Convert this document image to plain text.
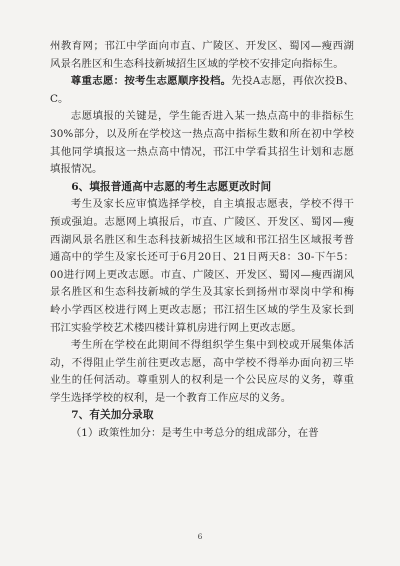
州教育网；邗江中学面向市直、广陵区、开发区、蜀冈—瘦西湖风景名胜区和生态科技新城招生区域的学校不安排定向指标生。

尊重志愿：按考生志愿顺序投档。先投A志愿，再依次投B、C。

志愿填报的关键是，学生能否进入某一热点高中的非指标生30%部分，以及所在学校这一热点高中指标生数和所在初中学校其他同学填报这一热点高中情况，邗江中学看其招生计划和志愿填报情况。

6、填报普通高中志愿的考生志愿更改时间

考生及家长应审慎选择学校，自主填报志愿表，学校不得干预或强迫。志愿网上填报后，市直、广陵区、开发区、蜀冈—瘦西湖风景名胜区和生态科技新城招生区域和邗江招生区域报考普通高中的学生及家长还可于6月20日、21日两天8：30-下午5：00进行网上更改志愿。市直、广陵区、开发区、蜀冈—瘦西湖风景名胜区和生态科技新城的学生及其家长到扬州市翠岗中学和梅岭小学西区校进行网上更改志愿；邗江招生区域的学生及家长到邗江实验学校艺术楼四楼计算机房进行网上更改志愿。

考生所在学校在此期间不得组织学生集中到校或开展集体活动，不得阻止学生前往更改志愿，高中学校不得举办面向初三毕业生的任何活动。尊重别人的权利是一个公民应尽的义务，尊重学生选择学校的权利，是一个教育工作应尽的义务。

7、有关加分录取

（1）政策性加分：是考生中考总分的组成部分，在普

6
